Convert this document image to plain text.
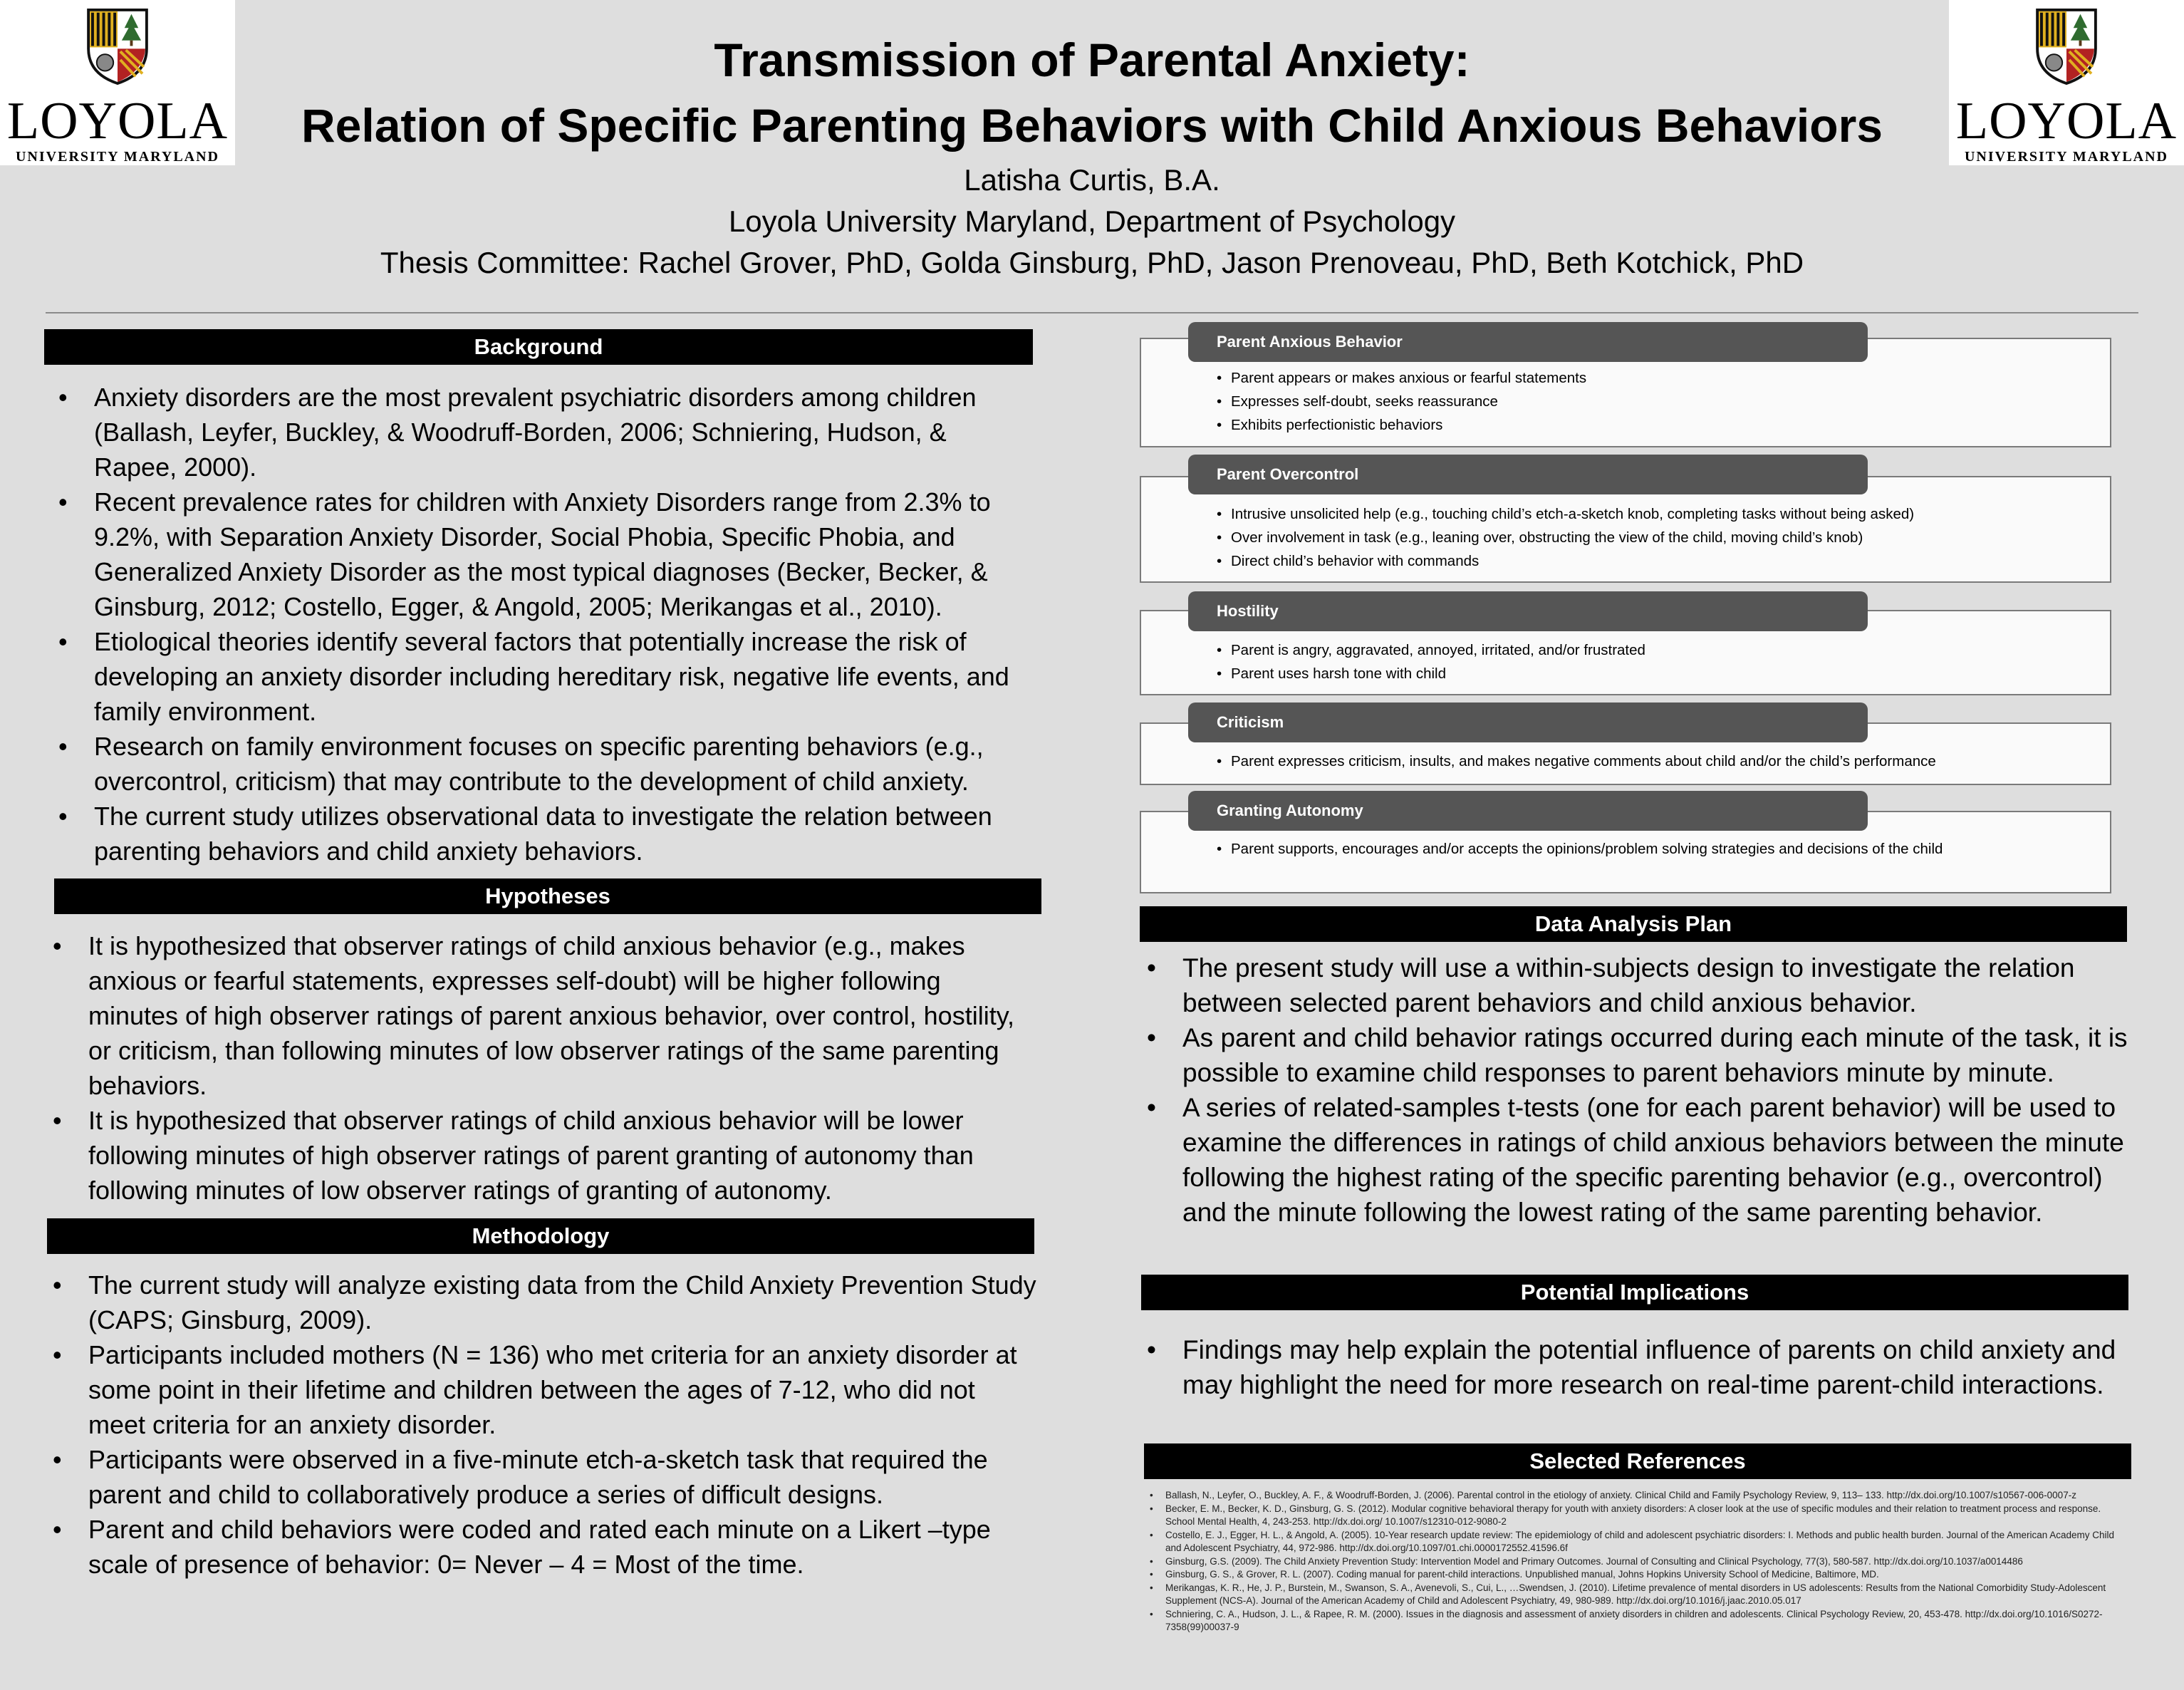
LOYOLA
UNIVERSITY MARYLAND
LOYOLA
UNIVERSITY MARYLAND
Transmission of Parental Anxiety:
Relation of Specific Parenting Behaviors with Child Anxious Behaviors
Latisha Curtis, B.A.
Loyola University Maryland, Department of Psychology
Thesis Committee: Rachel Grover, PhD, Golda Ginsburg, PhD, Jason Prenoveau, PhD, Beth Kotchick, PhD
Background
• Anxiety disorders are the most prevalent psychiatric disorders among children (Ballash, Leyfer, Buckley, & Woodruff-Borden, 2006; Schniering, Hudson, & Rapee, 2000).
• Recent prevalence rates for children with Anxiety Disorders range from 2.3% to 9.2%, with Separation Anxiety Disorder, Social Phobia, Specific Phobia, and Generalized Anxiety Disorder as the most typical diagnoses (Becker, Becker, & Ginsburg, 2012; Costello, Egger, & Angold, 2005; Merikangas et al., 2010).
• Etiological theories identify several factors that potentially increase the risk of developing an anxiety disorder including hereditary risk, negative life events, and family environment.
• Research on family environment focuses on specific parenting behaviors (e.g., overcontrol, criticism) that may contribute to the development of child anxiety.
• The current study utilizes observational data to investigate the relation between parenting behaviors and child anxiety behaviors.
Hypotheses
• It is hypothesized that observer ratings of child anxious behavior (e.g., makes anxious or fearful statements, expresses self-doubt) will be higher following minutes of high observer ratings of parent anxious behavior, over control, hostility, or criticism, than following minutes of low observer ratings of the same parenting behaviors.
• It is hypothesized that observer ratings of child anxious behavior will be lower following minutes of high observer ratings of parent granting of autonomy than following minutes of low observer ratings of granting of autonomy.
Methodology
• The current study will analyze existing data from the Child Anxiety Prevention Study (CAPS; Ginsburg, 2009).
• Participants included mothers (N = 136) who met criteria for an anxiety disorder at some point in their lifetime and children between the ages of 7-12, who did not meet criteria for an anxiety disorder.
• Participants were observed in a five-minute etch-a-sketch task that required the parent and child to collaboratively produce a series of difficult designs.
• Parent and child behaviors were coded and rated each minute on a Likert –type scale of presence of behavior: 0= Never – 4 = Most of the time.
Parent Anxious Behavior
• Parent appears or makes anxious or fearful statements
• Expresses self-doubt, seeks reassurance
• Exhibits perfectionistic behaviors
Parent Overcontrol
• Intrusive unsolicited help (e.g., touching child’s etch-a-sketch knob, completing tasks without being asked)
• Over involvement in task (e.g., leaning over, obstructing the view of the child, moving child’s knob)
• Direct child’s behavior with commands
Hostility
• Parent is angry, aggravated, annoyed, irritated, and/or frustrated
• Parent uses harsh tone with child
Criticism
• Parent expresses criticism, insults, and makes negative comments about child and/or the child’s performance
Granting Autonomy
• Parent supports, encourages and/or accepts the opinions/problem solving strategies and decisions of the child
Data Analysis Plan
• The present study will use a within-subjects design to investigate the relation between selected parent behaviors and child anxious behavior.
• As parent and child behavior ratings occurred during each minute of the task, it is possible to examine child responses to parent behaviors minute by minute.
• A series of related-samples t-tests (one for each parent behavior) will be used to examine the differences in ratings of child anxious behaviors between the minute following the highest rating of the specific parenting behavior (e.g., overcontrol) and the minute following the lowest rating of the same parenting behavior.
Potential Implications
• Findings may help explain the potential influence of parents on child anxiety and may highlight the need for more research on real-time parent-child interactions.
Selected References
• Ballash, N., Leyfer, O., Buckley, A. F., & Woodruff-Borden, J. (2006). Parental control in the etiology of anxiety. Clinical Child and Family Psychology Review, 9, 113– 133. http://dx.doi.org/10.1007/s10567-006-0007-z
• Becker, E. M., Becker, K. D., Ginsburg, G. S. (2012). Modular cognitive behavioral therapy for youth with anxiety disorders: A closer look at the use of specific modules and their relation to treatment process and response. School Mental Health, 4, 243-253. http://dx.doi.org/ 10.1007/s12310-012-9080-2
• Costello, E. J., Egger, H. L., & Angold, A. (2005). 10-Year research update review: The epidemiology of child and adolescent psychiatric disorders: I. Methods and public health burden. Journal of the American Academy Child and Adolescent Psychiatry, 44, 972-986. http://dx.doi.org/10.1097/01.chi.0000172552.41596.6f
• Ginsburg, G.S. (2009). The Child Anxiety Prevention Study: Intervention Model and Primary Outcomes. Journal of Consulting and Clinical Psychology, 77(3), 580-587. http://dx.doi.org/10.1037/a0014486
• Ginsburg, G. S., & Grover, R. L. (2007). Coding manual for parent-child interactions. Unpublished manual, Johns Hopkins University School of Medicine, Baltimore, MD.
• Merikangas, K. R., He, J. P., Burstein, M., Swanson, S. A., Avenevoli, S., Cui, L., …Swendsen, J. (2010). Lifetime prevalence of mental disorders in US adolescents: Results from the National Comorbidity Study-Adolescent Supplement (NCS-A). Journal of the American Academy of Child and Adolescent Psychiatry, 49, 980-989. http://dx.doi.org/10.1016/j.jaac.2010.05.017
• Schniering, C. A., Hudson, J. L., & Rapee, R. M. (2000). Issues in the diagnosis and assessment of anxiety disorders in children and adolescents. Clinical Psychology Review, 20, 453-478. http://dx.doi.org/10.1016/S0272-7358(99)00037-9
